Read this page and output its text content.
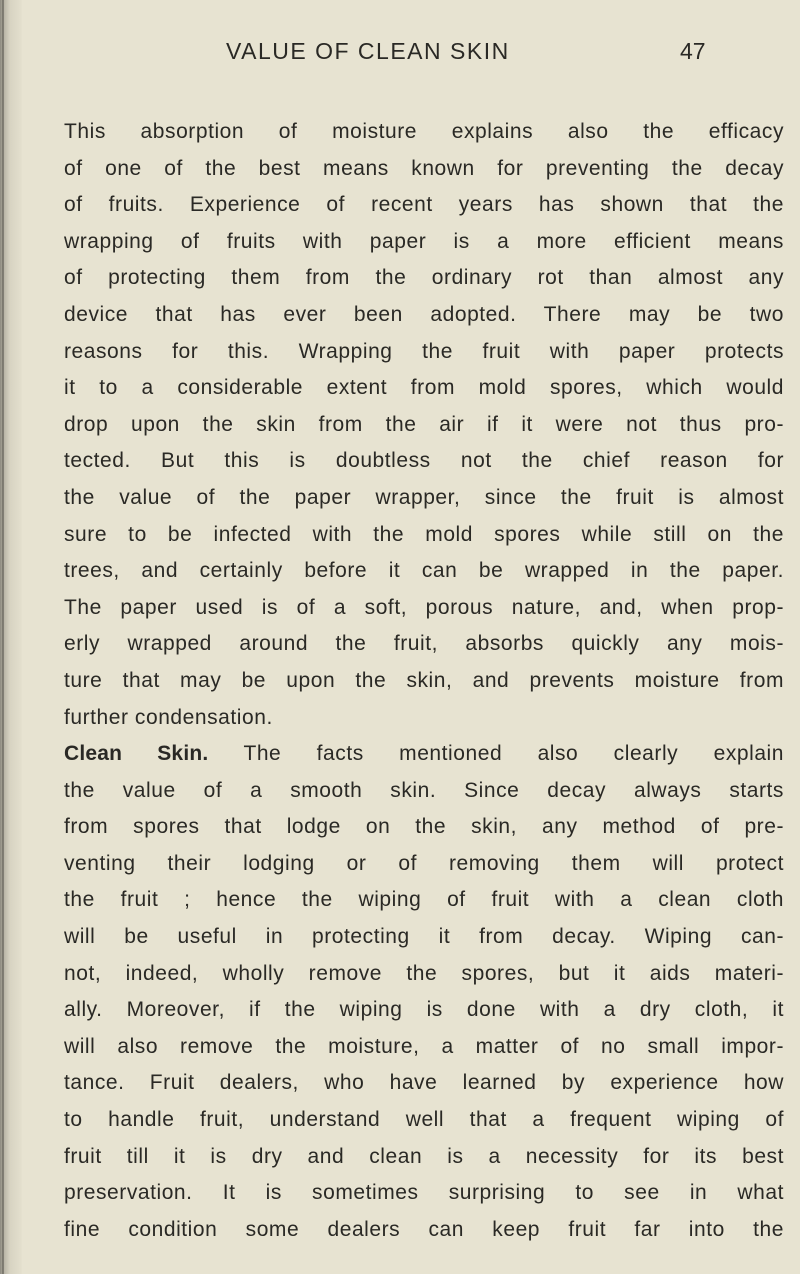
VALUE OF CLEAN SKIN	47
This absorption of moisture explains also the efficacy
of one of the best means known for preventing the decay
of fruits. Experience of recent years has shown that the
wrapping of fruits with paper is a more efficient means
of protecting them from the ordinary rot than almost any
device that has ever been adopted. There may be two
reasons for this. Wrapping the fruit with paper protects
it to a considerable extent from mold spores, which would
drop upon the skin from the air if it were not thus pro-
tected. But this is doubtless not the chief reason for
the value of the paper wrapper, since the fruit is almost
sure to be infected with the mold spores while still on the
trees, and certainly before it can be wrapped in the paper.
The paper used is of a soft, porous nature, and, when prop-
erly wrapped around the fruit, absorbs quickly any mois-
ture that may be upon the skin, and prevents moisture from
further condensation.
Clean Skin. The facts mentioned also clearly explain
the value of a smooth skin. Since decay always starts
from spores that lodge on the skin, any method of pre-
venting their lodging or of removing them will protect
the fruit ; hence the wiping of fruit with a clean cloth
will be useful in protecting it from decay. Wiping can-
not, indeed, wholly remove the spores, but it aids materi-
ally. Moreover, if the wiping is done with a dry cloth, it
will also remove the moisture, a matter of no small impor-
tance. Fruit dealers, who have learned by experience how
to handle fruit, understand well that a frequent wiping of
fruit till it is dry and clean is a necessity for its best
preservation. It is sometimes surprising to see in what
fine condition some dealers can keep fruit far into the
